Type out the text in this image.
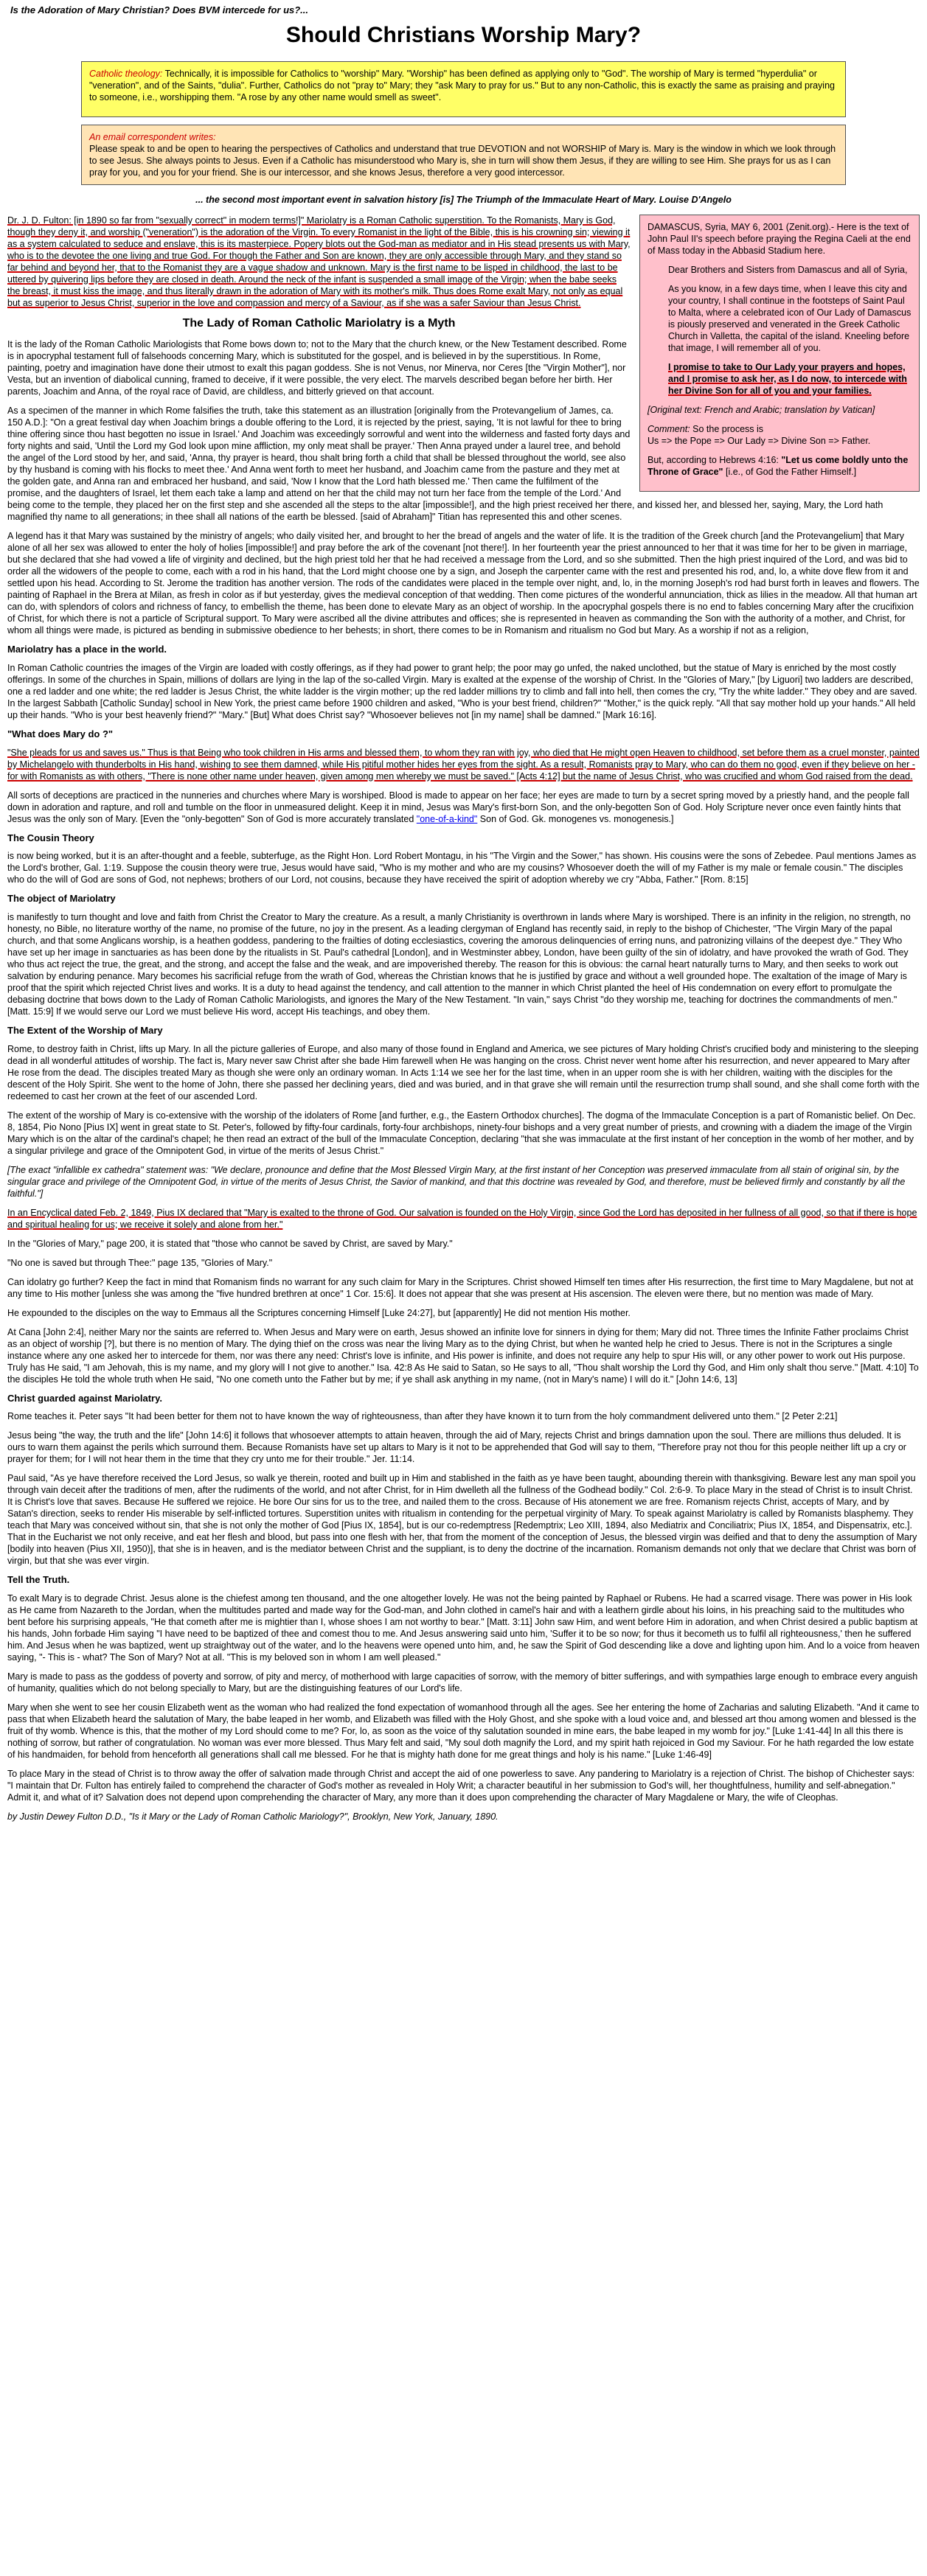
Is the Adoration of Mary Christian? Does BVM intercede for us?...
Should Christians Worship Mary?

Catholic theology: Technically, it is impossible for Catholics to "worship" Mary. "Worship" has been defined as applying only to "God". The worship of Mary is termed "hyperdulia" or "veneration", and of the Saints, "dulia". Further, Catholics do not "pray to" Mary; they "ask Mary to pray for us." But to any non-Catholic, this is exactly the same as praising and praying to someone, i.e., worshipping them. "A rose by any other name would smell as sweet".

An email correspondent writes:
Please speak to and be open to hearing the perspectives of Catholics and understand that true DEVOTION and not WORSHIP of Mary is. Mary is the window in which we look through to see Jesus. She always points to Jesus. Even if a Catholic has misunderstood who Mary is, she in turn will show them Jesus, if they are willing to see Him. She prays for us as I can pray for you, and you for your friend. She is our intercessor, and she knows Jesus, therefore a very good intercessor.
... the second most important event in salvation history [is] The Triumph of the Immaculate Heart of Mary. Louise D'Angelo

DAMASCUS, Syria, MAY 6, 2001 (Zenit.org).- Here is the text of John Paul II's speech before praying the Regina Caeli at the end of Mass today in the Abbasid Stadium here.

Dear Brothers and Sisters from Damascus and all of Syria,

As you know, in a few days time, when I leave this city and your country, I shall continue in the footsteps of Saint Paul to Malta, where a celebrated icon of Our Lady of Damascus is piously preserved and venerated in the Greek Catholic Church in Valletta, the capital of the island. Kneeling before that image, I will remember all of you.

I promise to take to Our Lady your prayers and hopes, and I promise to ask her, as I do now, to intercede with her Divine Son for all of you and your families.

[Original text: French and Arabic; translation by Vatican]

Comment: So the process is
Us => the Pope => Our Lady => Divine Son => Father.

But, according to Hebrews 4:16: "Let us come boldly unto the Throne of Grace" [i.e., of God the Father Himself.]

Dr. J. D. Fulton: [in 1890 so far from "sexually correct" in modern terms!]" Mariolatry is a Roman Catholic superstition. To the Romanists, Mary is God, though they deny it, and worship ("veneration") is the adoration of the Virgin. To every Romanist in the light of the Bible, this is his crowning sin; viewing it as a system calculated to seduce and enslave, this is its masterpiece. Popery blots out the God-man as mediator and in His stead presents us with Mary, who is to the devotee the one living and true God. For though the Father and Son are known, they are only accessible through Mary, and they stand so far behind and beyond her, that to the Romanist they are a vague shadow and unknown. Mary is the first name to be lisped in childhood, the last to be uttered by quivering lips before they are closed in death. Around the neck of the infant is suspended a small image of the Virgin; when the babe seeks the breast, it must kiss the image, and thus literally drawn in the adoration of Mary with its mother's milk. Thus does Rome exalt Mary, not only as equal but as superior to Jesus Christ, superior in the love and compassion and mercy of a Saviour, as if she was a safer Saviour than Jesus Christ.

The Lady of Roman Catholic Mariolatry is a Myth

It is the lady of the Roman Catholic Mariologists that Rome bows down to; not to the Mary that the church knew, or the New Testament described. Rome is in apocryphal testament full of falsehoods concerning Mary, which is substituted for the gospel, and is believed in by the superstitious. In Rome, painting, poetry and imagination have done their utmost to exalt this pagan goddess. She is not Venus, nor Minerva, nor Ceres [the "Virgin Mother"], nor Vesta, but an invention of diabolical cunning, framed to deceive, if it were possible, the very elect. The marvels described began before her birth. Her parents, Joachim and Anna, of the royal race of David, are childless, and bitterly grieved on that account.

As a specimen of the manner in which Rome falsifies the truth, take this statement as an illustration [originally from the Protevangelium of James, ca. 150 A.D.]: "On a great festival day when Joachim brings a double offering to the Lord, it is rejected by the priest, saying, 'It is not lawful for thee to bring thine offering since thou hast begotten no issue in Israel.' And Joachim was exceedingly sorrowful and went into the wilderness and fasted forty days and forty nights and said, 'Until the Lord my God look upon mine affliction, my only meat shall be prayer.' Then Anna prayed under a laurel tree, and behold the angel of the Lord stood by her, and said, 'Anna, thy prayer is heard, thou shalt bring forth a child that shall be blessed throughout the world, see also by thy husband is coming with his flocks to meet thee.' And Anna went forth to meet her husband, and Joachim came from the pasture and they met at the golden gate, and Anna ran and embraced her husband, and said, 'Now I know that the Lord hath blessed me.' Then came the fulfilment of the promise, and the daughters of Israel, let them each take a lamp and attend on her that the child may not turn her face from the temple of the Lord.' And being come to the temple, they placed her on the first step and she ascended all the steps to the altar [impossible!], and the high priest received her there, and kissed her, and blessed her, saying, Mary, the Lord hath magnified thy name to all generations; in thee shall all nations of the earth be blessed. [said of Abraham]" Titian has represented this and other scenes.

A legend has it that Mary was sustained by the ministry of angels; who daily visited her, and brought to her the bread of angels and the water of life. It is the tradition of the Greek church [and the Protevangelium] that Mary alone of all her sex was allowed to enter the holy of holies [impossible!] and pray before the ark of the covenant [not there!]. In her fourteenth year the priest announced to her that it was time for her to be given in marriage, but she declared that she had vowed a life of virginity and declined, but the high priest told her that he had received a message from the Lord, and so she submitted. Then the high priest inquired of the Lord, and was bid to order all the widowers of the people to come, each with a rod in his hand, that the Lord might choose one by a sign, and Joseph the carpenter came with the rest and presented his rod, and, lo, a white dove flew from it and settled upon his head. According to St. Jerome the tradition has another version. The rods of the candidates were placed in the temple over night, and, lo, in the morning Joseph's rod had burst forth in leaves and flowers. The painting of Raphael in the Brera at Milan, as fresh in color as if but yesterday, gives the medieval conception of that wedding. Then come pictures of the wonderful annunciation, thick as lilies in the meadow. All that human art can do, with splendors of colors and richness of fancy, to embellish the theme, has been done to elevate Mary as an object of worship. In the apocryphal gospels there is no end to fables concerning Mary after the crucifixion of Christ, for which there is not a particle of Scriptural support. To Mary were ascribed all the divine attributes and offices; she is represented in heaven as commanding the Son with the authority of a mother, and Christ, for whom all things were made, is pictured as bending in submissive obedience to her behests; in short, there comes to be in Romanism and ritualism no God but Mary. As a worship if not as a religion,

Mariolatry has a place in the world.

In Roman Catholic countries the images of the Virgin are loaded with costly offerings, as if they had power to grant help; the poor may go unfed, the naked unclothed, but the statue of Mary is enriched by the most costly offerings. In some of the churches in Spain, millions of dollars are lying in the lap of the so-called Virgin. Mary is exalted at the expense of the worship of Christ. In the "Glories of Mary," [by Liguori] two ladders are described, one a red ladder and one white; the red ladder is Jesus Christ, the white ladder is the virgin mother; up the red ladder millions try to climb and fall into hell, then comes the cry, "Try the white ladder." They obey and are saved. In the largest Sabbath [Catholic Sunday] school in New York, the priest came before 1900 children and asked, "Who is your best friend, children?" "Mother," is the quick reply. "All that say mother hold up your hands." All held up their hands. "Who is your best heavenly friend?" "Mary." [But] What does Christ say? "Whosoever believes not [in my name] shall be damned." [Mark 16:16].

"What does Mary do ?"

"She pleads for us and saves us." Thus is that Being who took children in His arms and blessed them, to whom they ran with joy, who died that He might open Heaven to childhood, set before them as a cruel monster, painted by Michelangelo with thunderbolts in His hand, wishing to see them damned, while His pitiful mother hides her eyes from the sight. As a result, Romanists pray to Mary, who can do them no good, even if they believe on her - for with Romanists as with others, "There is none other name under heaven, given among men whereby we must be saved." [Acts 4:12] but the name of Jesus Christ, who was crucified and whom God raised from the dead.

All sorts of deceptions are practiced in the nunneries and churches where Mary is worshiped. Blood is made to appear on her face; her eyes are made to turn by a secret spring moved by a priestly hand, and the people fall down in adoration and rapture, and roll and tumble on the floor in unmeasured delight. Keep it in mind, Jesus was Mary's first-born Son, and the only-begotten Son of God. Holy Scripture never once even faintly hints that Jesus was the only son of Mary. [Even the "only-begotten" Son of God is more accurately translated "one-of-a-kind" Son of God. Gk. monogenes vs. monogenesis.]

The Cousin Theory

is now being worked, but it is an after-thought and a feeble, subterfuge, as the Right Hon. Lord Robert Montagu, in his "The Virgin and the Sower," has shown. His cousins were the sons of Zebedee. Paul mentions James as the Lord's brother, Gal. 1:19. Suppose the cousin theory were true, Jesus would have said, "Who is my mother and who are my cousins? Whosoever doeth the will of my Father is my male or female cousin." The disciples who do the will of God are sons of God, not nephews; brothers of our Lord, not cousins, because they have received the spirit of adoption whereby we cry "Abba, Father." [Rom. 8:15]

The object of Mariolatry

is manifestly to turn thought and love and faith from Christ the Creator to Mary the creature. As a result, a manly Christianity is overthrown in lands where Mary is worshiped. There is an infinity in the religion, no strength, no honesty, no Bible, no literature worthy of the name, no promise of the future, no joy in the present. As a leading clergyman of England has recently said, in reply to the bishop of Chichester, "The Virgin Mary of the papal church, and that some Anglicans worship, is a heathen goddess, pandering to the frailties of doting ecclesiastics, covering the amorous delinquencies of erring nuns, and patronizing villains of the deepest dye." They Who have set up her image in sanctuaries as has been done by the ritualists in St. Paul's cathedral [London], and in Westminster abbey, London, have been guilty of the sin of idolatry, and have provoked the wrath of God. They who thus act reject the true, the great, and the strong, and accept the false and the weak, and are impoverished thereby. The reason for this is obvious: the carnal heart naturally turns to Mary, and then seeks to work out salvation by enduring penance. Mary becomes his sacrificial refuge from the wrath of God, whereas the Christian knows that he is justified by grace and without a well grounded hope. The exaltation of the image of Mary is proof that the spirit which rejected Christ lives and works. It is a duty to head against the tendency, and call attention to the manner in which Christ planted the heel of His condemnation on every effort to promulgate the debasing doctrine that bows down to the Lady of Roman Catholic Mariologists, and ignores the Mary of the New Testament. "In vain," says Christ "do they worship me, teaching for doctrines the commandments of men." [Matt. 15:9] If we would serve our Lord we must believe His word, accept His teachings, and obey them.

The Extent of the Worship of Mary

Rome, to destroy faith in Christ, lifts up Mary. In all the picture galleries of Europe, and also many of those found in England and America, we see pictures of Mary holding Christ's crucified body and ministering to the sleeping dead in all wonderful attitudes of worship. The fact is, Mary never saw Christ after she bade Him farewell when He was hanging on the cross. Christ never went home after his resurrection, and never appeared to Mary after He rose from the dead. The disciples treated Mary as though she were only an ordinary woman. In Acts 1:14 we see her for the last time, when in an upper room she is with her children, waiting with the disciples for the descent of the Holy Spirit. She went to the home of John, there she passed her declining years, died and was buried, and in that grave she will remain until the resurrection trump shall sound, and she shall come forth with the redeemed to cast her crown at the feet of our ascended Lord.

The extent of the worship of Mary is co-extensive with the worship of the idolaters of Rome [and further, e.g., the Eastern Orthodox churches]. The dogma of the Immaculate Conception is a part of Romanistic belief. On Dec. 8, 1854, Pio Nono [Pius IX] went in great state to St. Peter's, followed by fifty-four cardinals, forty-four archbishops, ninety-four bishops and a very great number of priests, and crowning with a diadem the image of the Virgin Mary which is on the altar of the cardinal's chapel; he then read an extract of the bull of the Immaculate Conception, declaring "that she was immaculate at the first instant of her conception in the womb of her mother, and by a singular privilege and grace of the Omnipotent God, in virtue of the merits of Jesus Christ."

[The exact "infallible ex cathedra" statement was: "We declare, pronounce and define that the Most Blessed Virgin Mary, at the first instant of her Conception was preserved immaculate from all stain of original sin, by the singular grace and privilege of the Omnipotent God, in virtue of the merits of Jesus Christ, the Savior of mankind, and that this doctrine was revealed by God, and therefore, must be believed firmly and constantly by all the faithful."]

In an Encyclical dated Feb. 2, 1849, Pius IX declared that "Mary is exalted to the throne of God. Our salvation is founded on the Holy Virgin, since God the Lord has deposited in her fullness of all good, so that if there is hope and spiritual healing for us; we receive it solely and alone from her."

In the "Glories of Mary," page 200, it is stated that "those who cannot be saved by Christ, are saved by Mary."

"No one is saved but through Thee:" page 135, "Glories of Mary."

Can idolatry go further? Keep the fact in mind that Romanism finds no warrant for any such claim for Mary in the Scriptures. Christ showed Himself ten times after His resurrection, the first time to Mary Magdalene, but not at any time to His mother [unless she was among the "five hundred brethren at once" 1 Cor. 15:6]. It does not appear that she was present at His ascension. The eleven were there, but no mention was made of Mary.

He expounded to the disciples on the way to Emmaus all the Scriptures concerning Himself [Luke 24:27], but [apparently] He did not mention His mother.

At Cana [John 2:4], neither Mary nor the saints are referred to. When Jesus and Mary were on earth, Jesus showed an infinite love for sinners in dying for them; Mary did not. Three times the Infinite Father proclaims Christ as an object of worship [?], but there is no mention of Mary. The dying thief on the cross was near the living Mary as to the dying Christ, but when he wanted help he cried to Jesus. There is not in the Scriptures a single instance where any one asked her to intercede for them, nor was there any need: Christ's love is infinite, and His power is infinite, and does not require any help to spur His will, or any other power to work out His purpose. Truly has He said, "I am Jehovah, this is my name, and my glory will I not give to another." Isa. 42:8 As He said to Satan, so He says to all, "Thou shalt worship the Lord thy God, and Him only shalt thou serve." [Matt. 4:10] To the disciples He told the whole truth when He said, "No one cometh unto the Father but by me; if ye shall ask anything in my name, (not in Mary's name) I will do it." [John 14:6, 13]

Christ guarded against Mariolatry.

Rome teaches it. Peter says "It had been better for them not to have known the way of righteousness, than after they have known it to turn from the holy commandment delivered unto them." [2 Peter 2:21]

Jesus being "the way, the truth and the life" [John 14:6] it follows that whosoever attempts to attain heaven, through the aid of Mary, rejects Christ and brings damnation upon the soul. There are millions thus deluded. It is ours to warn them against the perils which surround them. Because Romanists have set up altars to Mary is it not to be apprehended that God will say to them, "Therefore pray not thou for this people neither lift up a cry or prayer for them; for I will not hear them in the time that they cry unto me for their trouble." Jer. 11:14.

Paul said, "As ye have therefore received the Lord Jesus, so walk ye therein, rooted and built up in Him and stablished in the faith as ye have been taught, abounding therein with thanksgiving. Beware lest any man spoil you through vain deceit after the traditions of men, after the rudiments of the world, and not after Christ, for in Him dwelleth all the fullness of the Godhead bodily." Col. 2:6-9. To place Mary in the stead of Christ is to insult Christ. It is Christ's love that saves. Because He suffered we rejoice. He bore Our sins for us to the tree, and nailed them to the cross. Because of His atonement we are free. Romanism rejects Christ, accepts of Mary, and by Satan's direction, seeks to render His miserable by self-inflicted tortures. Superstition unites with ritualism in contending for the perpetual virginity of Mary. To speak against Mariolatry is called by Romanists blasphemy. They teach that Mary was conceived without sin, that she is not only the mother of God [Pius IX, 1854], but is our co-redemptress [Redemptrix; Leo XIII, 1894, also Mediatrix and Conciliatrix; Pius IX, 1854, and Dispensatrix, etc.]. That in the Eucharist we not only receive, and eat her flesh and blood, but pass into one flesh with her, that from the moment of the conception of Jesus, the blessed virgin was deified and that to deny the assumption of Mary [bodily into heaven (Pius XII, 1950)], that she is in heaven, and is the mediator between Christ and the suppliant, is to deny the doctrine of the incarnation. Romanism demands not only that we declare that Christ was born of virgin, but that she was ever virgin.

Tell the Truth.

To exalt Mary is to degrade Christ. Jesus alone is the chiefest among ten thousand, and the one altogether lovely. He was not the being painted by Raphael or Rubens. He had a scarred visage. There was power in His look as He came from Nazareth to the Jordan, when the multitudes parted and made way for the God-man, and John clothed in camel's hair and with a leathern girdle about his loins, in his preaching said to the multitudes who bent before his surprising appeals, "He that cometh after me is mightier than I, whose shoes I am not worthy to bear." [Matt. 3:11] John saw Him, and went before Him in adoration, and when Christ desired a public baptism at his hands, John forbade Him saying "I have need to be baptized of thee and comest thou to me. And Jesus answering said unto him, 'Suffer it to be so now; for thus it becometh us to fulfil all righteousness,' then he suffered him. And Jesus when he was baptized, went up straightway out of the water, and lo the heavens were opened unto him, and, he saw the Spirit of God descending like a dove and lighting upon him. And lo a voice from heaven saying, "- This is - what? The Son of Mary? Not at all. "This is my beloved son in whom I am well pleased."

Mary is made to pass as the goddess of poverty and sorrow, of pity and mercy, of motherhood with large capacities of sorrow, with the memory of bitter sufferings, and with sympathies large enough to embrace every anguish of humanity, qualities which do not belong specially to Mary, but are the distinguishing features of our Lord's life.

Mary when she went to see her cousin Elizabeth went as the woman who had realized the fond expectation of womanhood through all the ages. See her entering the home of Zacharias and saluting Elizabeth. "And it came to pass that when Elizabeth heard the salutation of Mary, the babe leaped in her womb, and Elizabeth was filled with the Holy Ghost, and she spoke with a loud voice and, and blessed art thou among women and blessed is the fruit of thy womb. Whence is this, that the mother of my Lord should come to me? For, lo, as soon as the voice of thy salutation sounded in mine ears, the babe leaped in my womb for joy." [Luke 1:41-44] In all this there is nothing of sorrow, but rather of congratulation. No woman was ever more blessed. Thus Mary felt and said, "My soul doth magnify the Lord, and my spirit hath rejoiced in God my Saviour. For he hath regarded the low estate of his handmaiden, for behold from henceforth all generations shall call me blessed. For he that is mighty hath done for me great things and holy is his name." [Luke 1:46-49]

To place Mary in the stead of Christ is to throw away the offer of salvation made through Christ and accept the aid of one powerless to save. Any pandering to Mariolatry is a rejection of Christ. The bishop of Chichester says: "I maintain that Dr. Fulton has entirely failed to comprehend the character of God's mother as revealed in Holy Writ; a character beautiful in her submission to God's will, her thoughtfulness, humility and self-abnegation." Admit it, and what of it? Salvation does not depend upon comprehending the character of Mary, any more than it does upon comprehending the character of Mary Magdalene or Mary, the wife of Cleophas.

by Justin Dewey Fulton D.D., "Is it Mary or the Lady of Roman Catholic Mariology?", Brooklyn, New York, January, 1890.
